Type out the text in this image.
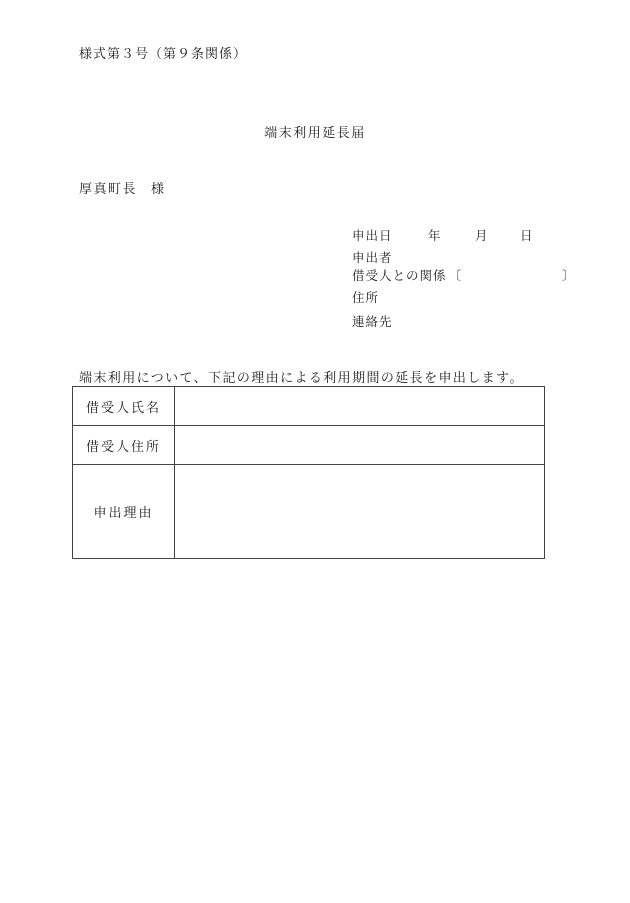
様式第３号（第９条関係）
端末利用延長届
厚真町長 様
申出日	年	月	日
申出者
借受人との関係 〔	〕
住所
連絡先
端末利用について、下記の理由による利用期間の延長を申出します。
借受人氏名	
借受人住所	
申出理由	
